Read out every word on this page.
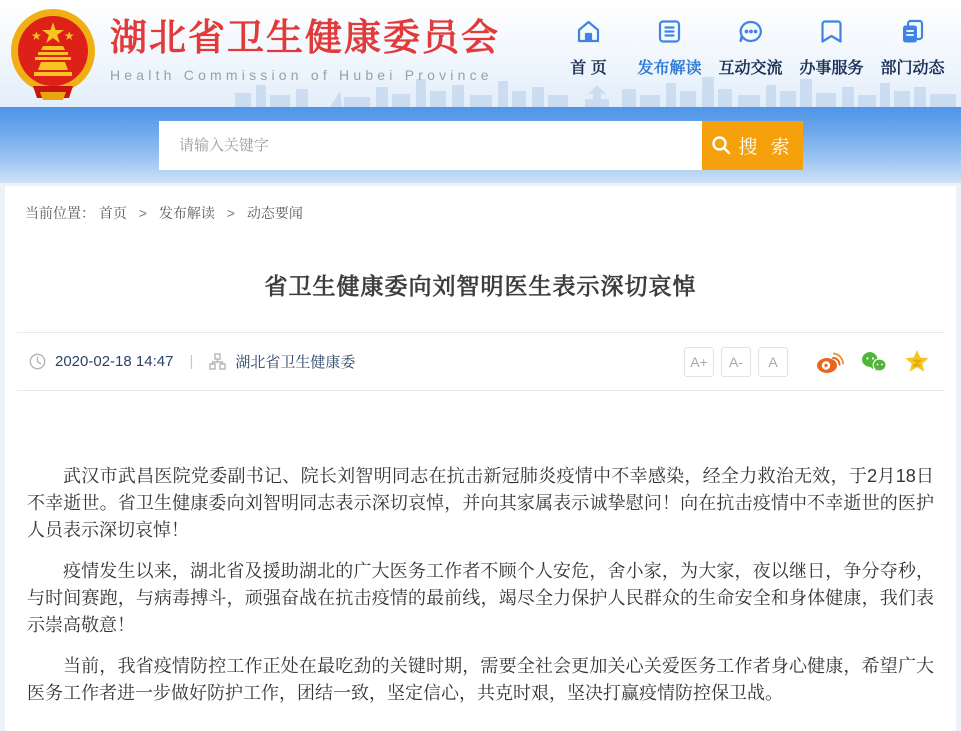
湖北省卫生健康委员会
Health Commission of Hubei Province	首 页 发布解读 互动交流 办事服务 部门动态
请输入关键字
搜 索
当前位置： 首页 > 发布解读 > 动态要闻
省卫生健康委向刘智明医生表示深切哀悼
2020-02-18 14:47 |	湖北省卫生健康委	A+	A-	A

武汉市武昌医院党委副书记、院长刘智明同志在抗击新冠肺炎疫情中不幸感染，经全力救治无效，于2月18日不幸逝世。省卫生健康委向刘智明同志表示深切哀悼，并向其家属表示诚挚慰问！向在抗击疫情中不幸逝世的医护人员表示深切哀悼！

疫情发生以来，湖北省及援助湖北的广大医务工作者不顾个人安危，舍小家，为大家，夜以继日，争分夺秒，与时间赛跑，与病毒搏斗，顽强奋战在抗击疫情的最前线，竭尽全力保护人民群众的生命安全和身体健康，我们表示崇高敬意！

当前，我省疫情防控工作正处在最吃劲的关键时期，需要全社会更加关心关爱医务工作者身心健康，希望广大医务工作者进一步做好防护工作，团结一致，坚定信心，共克时艰，坚决打赢疫情防控保卫战。
